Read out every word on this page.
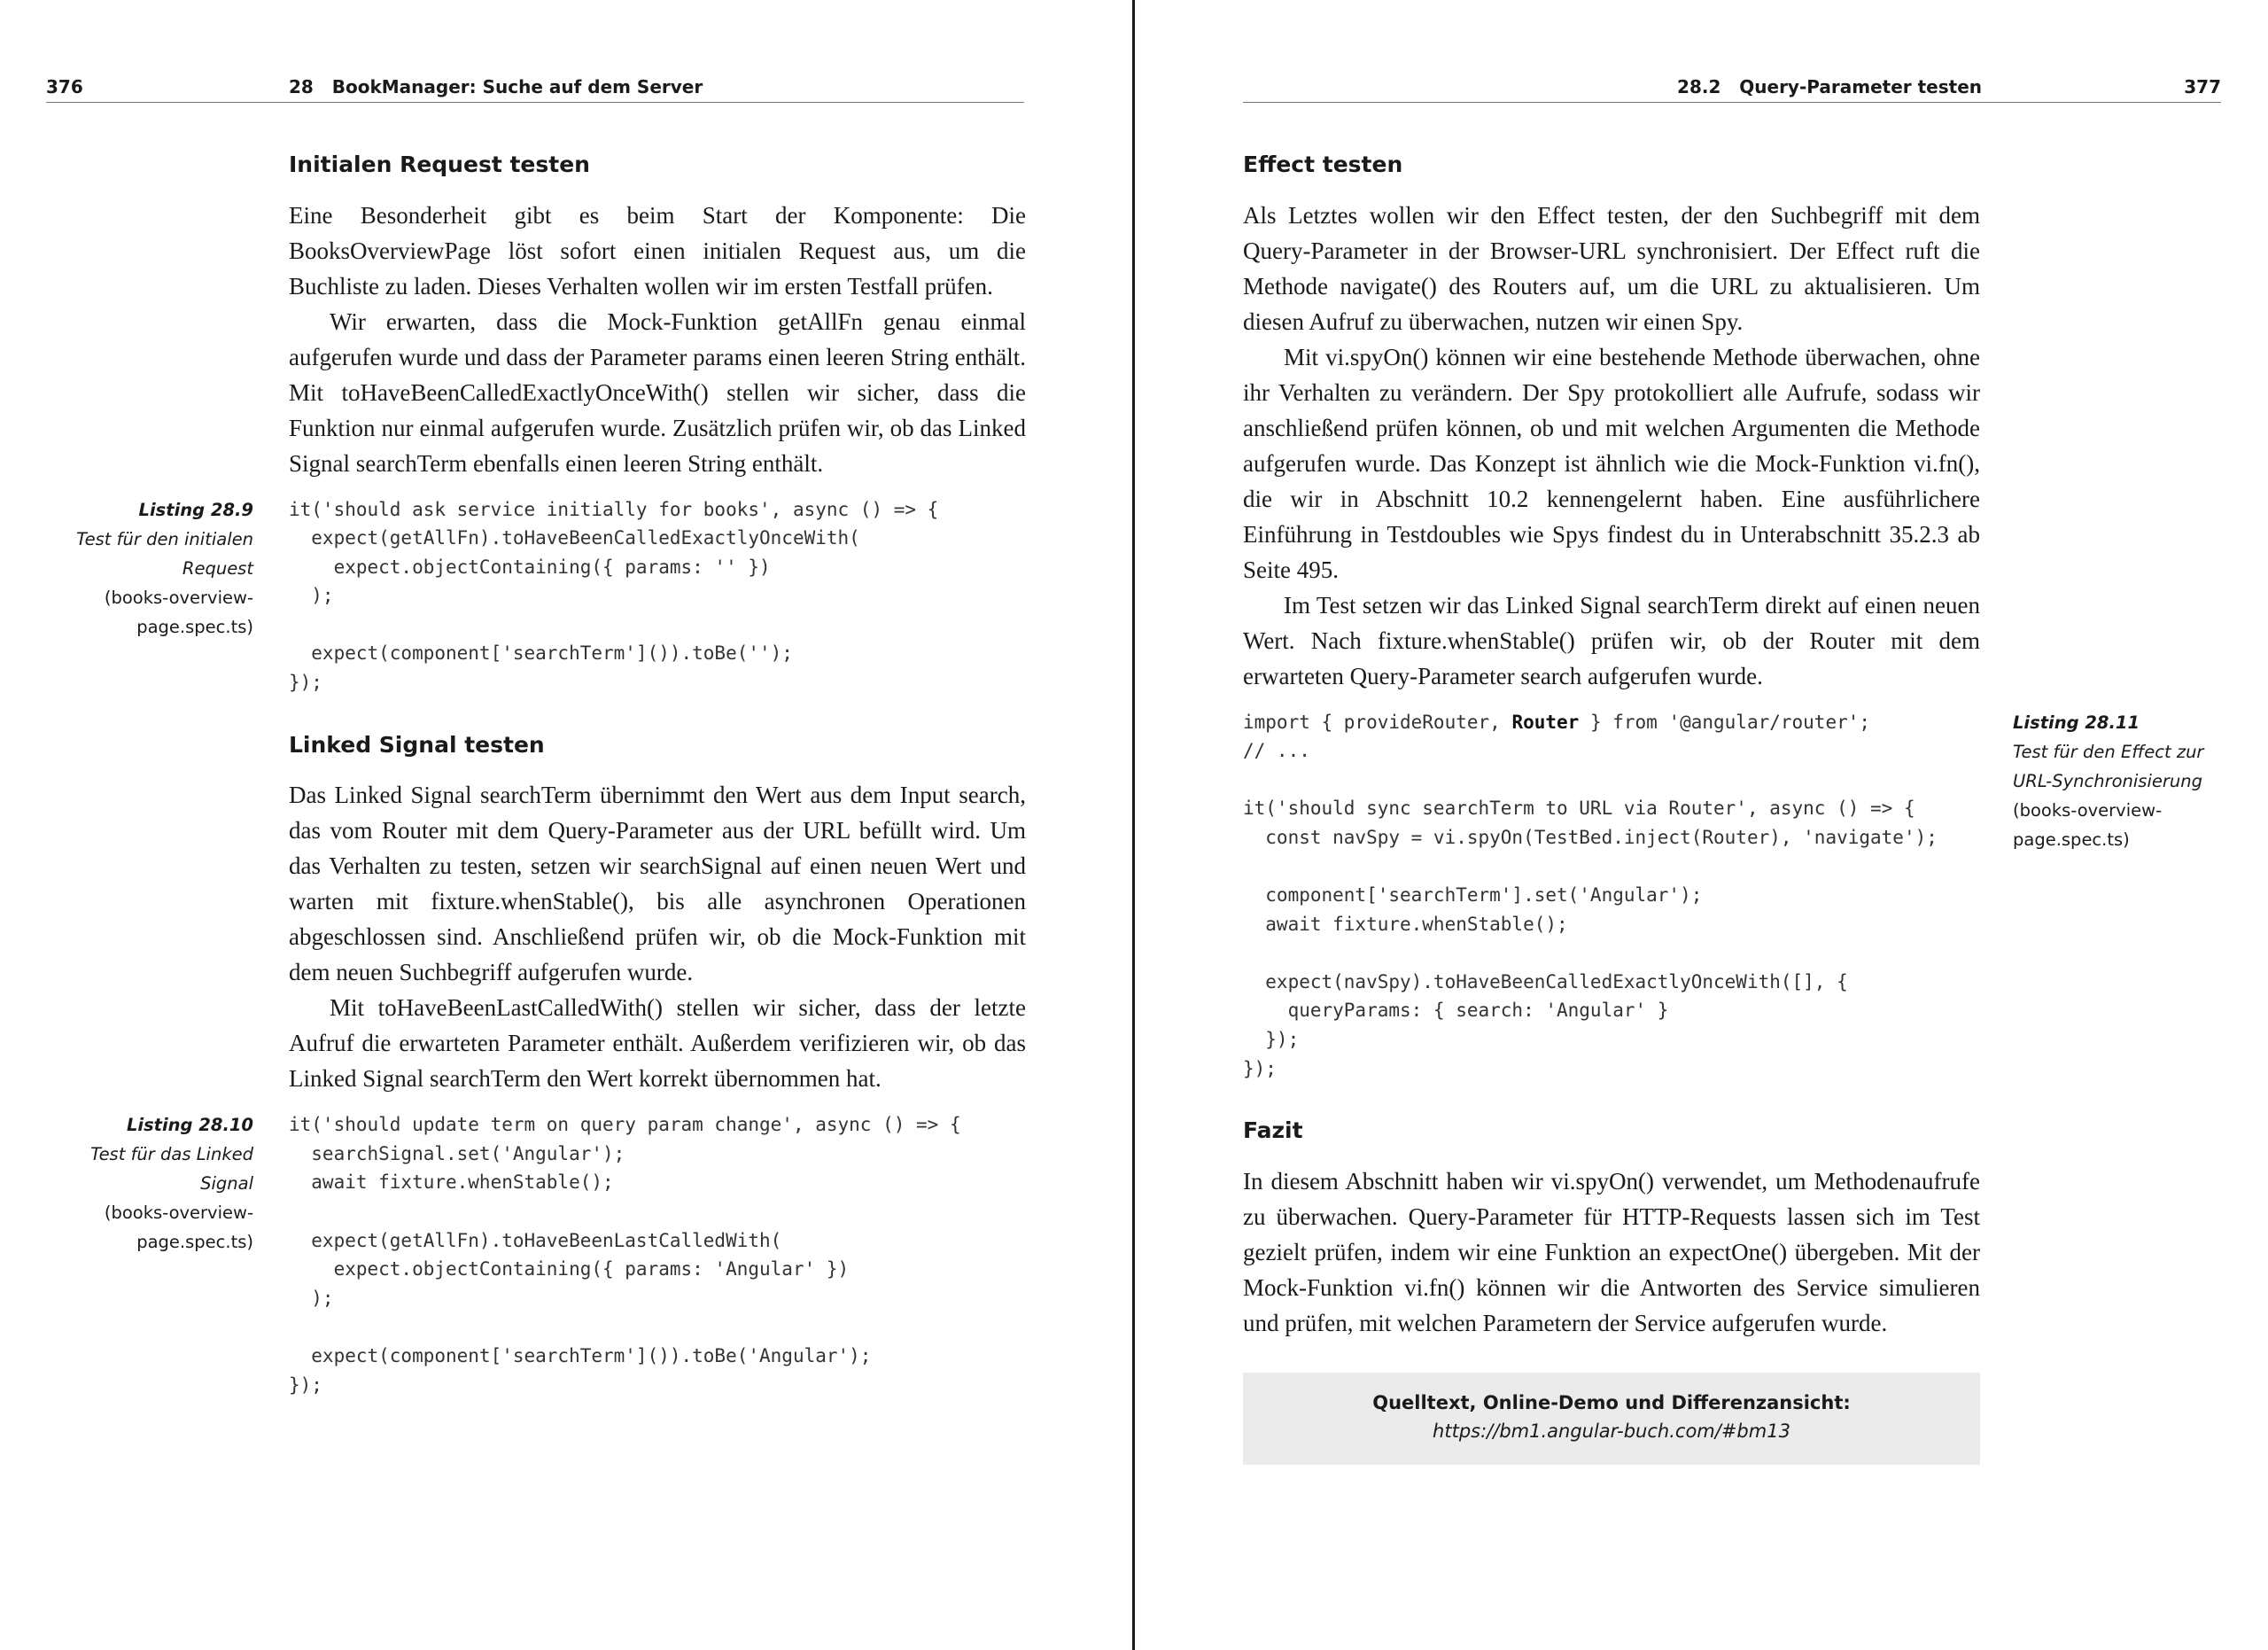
376	28   BookManager: Suche auf dem Server
Initialen Request testen

Eine Besonderheit gibt es beim Start der Komponente: Die BooksOverviewPage löst sofort einen initialen Request aus, um die Buchliste zu laden. Dieses Verhalten wollen wir im ersten Testfall prüfen.

Wir erwarten, dass die Mock-Funktion getAllFn genau einmal aufgerufen wurde und dass der Parameter params einen leeren String enthält. Mit toHaveBeenCalledExactlyOnceWith() stellen wir sicher, dass die Funktion nur einmal aufgerufen wurde. Zusätzlich prüfen wir, ob das Linked Signal searchTerm ebenfalls einen leeren String enthält.

Listing 28.9
Test für den initialen Request
(books-overview-page.spec.ts)
it('should ask service initially for books', async () => {
expect(getAllFn).toHaveBeenCalledExactlyOnceWith(
expect.objectContaining({ params: '' })
);

expect(component['searchTerm']()).toBe('');
});
Linked Signal testen

Das Linked Signal searchTerm übernimmt den Wert aus dem Input search, das vom Router mit dem Query-Parameter aus der URL befüllt wird. Um das Verhalten zu testen, setzen wir searchSignal auf einen neuen Wert und warten mit fixture.whenStable(), bis alle asynchronen Operationen abgeschlossen sind. Anschließend prüfen wir, ob die Mock-Funktion mit dem neuen Suchbegriff aufgerufen wurde.

Mit toHaveBeenLastCalledWith() stellen wir sicher, dass der letzte Aufruf die erwarteten Parameter enthält. Außerdem verifizieren wir, ob das Linked Signal searchTerm den Wert korrekt übernommen hat.

Listing 28.10
Test für das Linked Signal
(books-overview-page.spec.ts)
it('should update term on query param change', async () => {
searchSignal.set('Angular');
await fixture.whenStable();

expect(getAllFn).toHaveBeenLastCalledWith(
expect.objectContaining({ params: 'Angular' })
);

expect(component['searchTerm']()).toBe('Angular');
});
28.2   Query-Parameter testen	377
Effect testen

Als Letztes wollen wir den Effect testen, der den Suchbegriff mit dem Query-Parameter in der Browser-URL synchronisiert. Der Effect ruft die Methode navigate() des Routers auf, um die URL zu aktualisieren. Um diesen Aufruf zu überwachen, nutzen wir einen Spy.

Mit vi.spyOn() können wir eine bestehende Methode überwachen, ohne ihr Verhalten zu verändern. Der Spy protokolliert alle Aufrufe, sodass wir anschließend prüfen können, ob und mit welchen Argumenten die Methode aufgerufen wurde. Das Konzept ist ähnlich wie die Mock-Funktion vi.fn(), die wir in Abschnitt 10.2 kennengelernt haben. Eine ausführlichere Einführung in Testdoubles wie Spys findest du in Unterabschnitt 35.2.3 ab Seite 495.

Im Test setzen wir das Linked Signal searchTerm direkt auf einen neuen Wert. Nach fixture.whenStable() prüfen wir, ob der Router mit dem erwarteten Query-Parameter search aufgerufen wurde.

Listing 28.11
Test für den Effect zur URL-Synchronisierung
(books-overview-page.spec.ts)
import { provideRouter, Router } from '@angular/router';
// ...

it('should sync searchTerm to URL via Router', async () => {
const navSpy = vi.spyOn(TestBed.inject(Router), 'navigate');

component['searchTerm'].set('Angular');
await fixture.whenStable();

expect(navSpy).toHaveBeenCalledExactlyOnceWith([], {
queryParams: { search: 'Angular' }
});
});
Fazit

In diesem Abschnitt haben wir vi.spyOn() verwendet, um Methodenaufrufe zu überwachen. Query-Parameter für HTTP-Requests lassen sich im Test gezielt prüfen, indem wir eine Funktion an expectOne() übergeben. Mit der Mock-Funktion vi.fn() können wir die Antworten des Service simulieren und prüfen, mit welchen Parametern der Service aufgerufen wurde.

Quelltext, Online-Demo und Differenzansicht:
https://bm1.angular-buch.com/#bm13
